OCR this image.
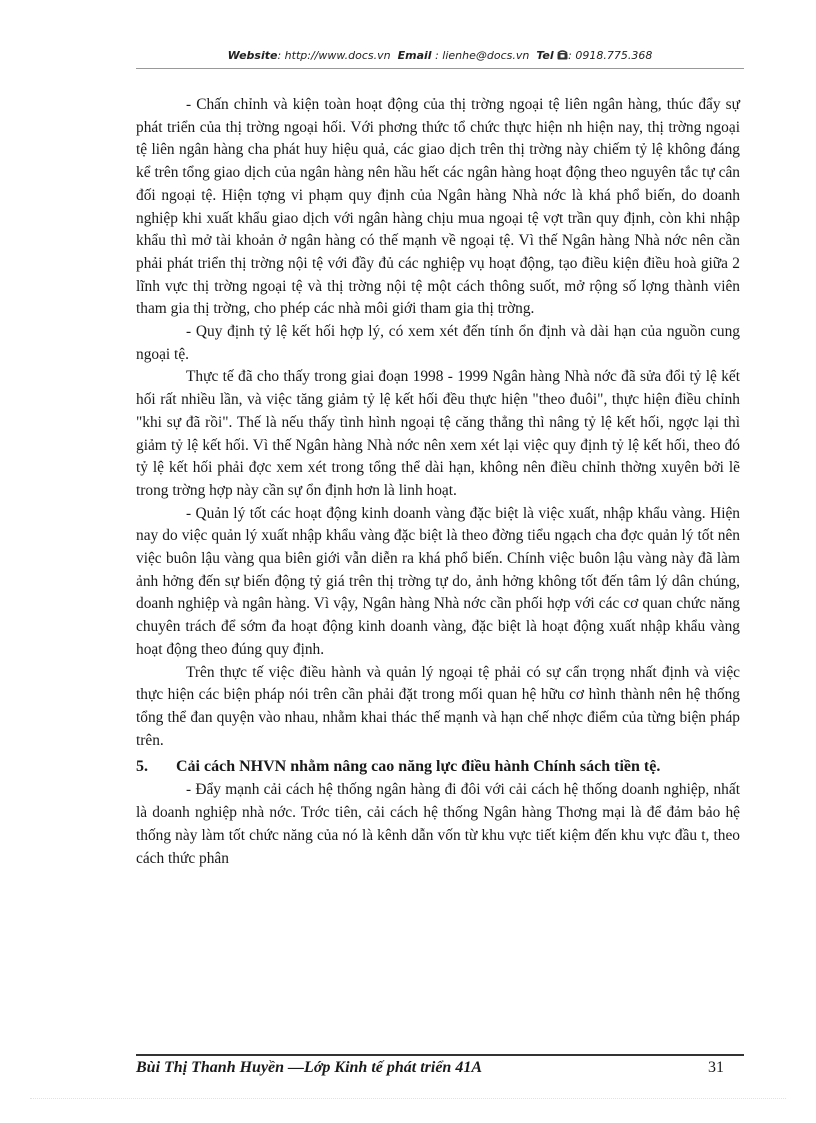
Website: http://www.docs.vn Email : lienhe@docs.vn Tel : 0918.775.368

- Chấn chỉnh và kiện toàn hoạt động của thị trờng ngoại tệ liên ngân hàng, thúc đẩy sự phát triển của thị trờng ngoại hối. Với phơng thức tổ chức thực hiện nh hiện nay, thị trờng ngoại tệ liên ngân hàng cha phát huy hiệu quả, các giao dịch trên thị trờng này chiếm tỷ lệ không đáng kể trên tổng giao dịch của ngân hàng nên hầu hết các ngân hàng hoạt động theo nguyên tắc tự cân đối ngoại tệ. Hiện tợng vi phạm quy định của Ngân hàng Nhà nớc là khá phổ biến, do doanh nghiệp khi xuất khẩu giao dịch với ngân hàng chịu mua ngoại tệ vợt trần quy định, còn khi nhập khẩu thì mở tài khoản ở ngân hàng có thế mạnh về ngoại tệ. Vì thế Ngân hàng Nhà nớc nên cần phải phát triển thị trờng nội tệ với đầy đủ các nghiệp vụ hoạt động, tạo điều kiện điều hoà giữa 2 lĩnh vực thị trờng ngoại tệ và thị trờng nội tệ một cách thông suốt, mở rộng số lợng thành viên tham gia thị trờng, cho phép các nhà môi giới tham gia thị trờng.

- Quy định tỷ lệ kết hối hợp lý, có xem xét đến tính ổn định và dài hạn của nguồn cung ngoại tệ.

Thực tế đã cho thấy trong giai đoạn 1998 - 1999 Ngân hàng Nhà nớc đã sửa đổi tỷ lệ kết hối rất nhiều lần, và việc tăng giảm tỷ lệ kết hối đều thực hiện "theo đuôi", thực hiện điều chỉnh "khi sự đã rồi". Thế là nếu thấy tình hình ngoại tệ căng thẳng thì nâng tỷ lệ kết hối, ngợc lại thì giảm tỷ lệ kết hối. Vì thế Ngân hàng Nhà nớc nên xem xét lại việc quy định tỷ lệ kết hối, theo đó tỷ lệ kết hối phải đợc xem xét trong tổng thể dài hạn, không nên điều chỉnh thờng xuyên bởi lẽ trong trờng hợp này cần sự ổn định hơn là linh hoạt.

- Quản lý tốt các hoạt động kinh doanh vàng đặc biệt là việc xuất, nhập khẩu vàng. Hiện nay do việc quản lý xuất nhập khẩu vàng đặc biệt là theo đờng tiểu ngạch cha đợc quản lý tốt nên việc buôn lậu vàng qua biên giới vẫn diễn ra khá phổ biến. Chính việc buôn lậu vàng này đã làm ảnh hởng đến sự biến động tỷ giá trên thị trờng tự do, ảnh hởng không tốt đến tâm lý dân chúng, doanh nghiệp và ngân hàng. Vì vậy, Ngân hàng Nhà nớc cần phối hợp với các cơ quan chức năng chuyên trách để sớm đa hoạt động kinh doanh vàng, đặc biệt là hoạt động xuất nhập khẩu vàng hoạt động theo đúng quy định.

Trên thực tế việc điều hành và quản lý ngoại tệ phải có sự cẩn trọng nhất định và việc thực hiện các biện pháp nói trên cần phải đặt trong mối quan hệ hữu cơ hình thành nên hệ thống tổng thể đan quyện vào nhau, nhằm khai thác thế mạnh và hạn chế nhợc điểm của từng biện pháp trên.

5. Cải cách NHVN nhằm nâng cao năng lực điều hành Chính sách tiền tệ.

- Đẩy mạnh cải cách hệ thống ngân hàng đi đôi với cải cách hệ thống doanh nghiệp, nhất là doanh nghiệp nhà nớc. Trớc tiên, cải cách hệ thống Ngân hàng Thơng mại là để đảm bảo hệ thống này làm tốt chức năng của nó là kênh dẫn vốn từ khu vực tiết kiệm đến khu vực đầu t, theo cách thức phân

Bùi Thị Thanh Huyền —Lớp Kinh tế phát triển 41A	31
